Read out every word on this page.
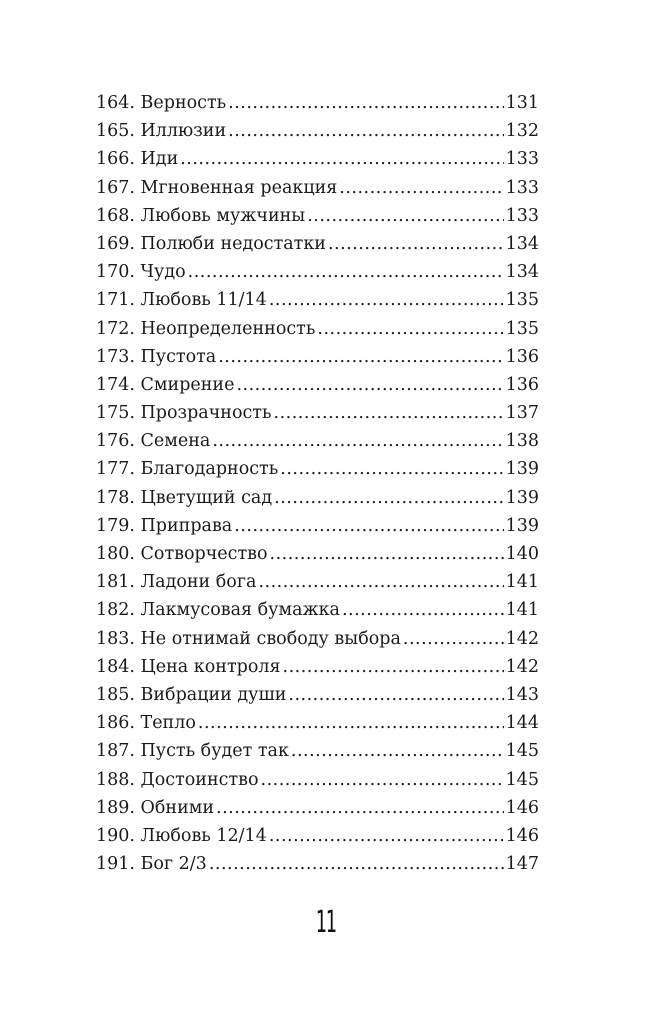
164. Верность .....	131
165. Иллюзии .....	132
166. Иди .....	133
167. Мгновенная реакция .....	133
168. Любовь мужчины .....	133
169. Полюби недостатки .....	134
170. Чудо .....	134
171. Любовь 11/14 .....	135
172. Неопределенность .....	135
173. Пустота .....	136
174. Смирение .....	136
175. Прозрачность .....	137
176. Семена .....	138
177. Благодарность .....	139
178. Цветущий сад .....	139
179. Приправа .....	139
180. Сотворчество .....	140
181. Ладони бога .....	141
182. Лакмусовая бумажка .....	141
183. Не отнимай свободу выбора .....	142
184. Цена контроля .....	142
185. Вибрации души .....	143
186. Тепло .....	144
187. Пусть будет так .....	145
188. Достоинство .....	145
189. Обними .....	146
190. Любовь 12/14 .....	146
191. Бог 2/3 .....	147
11
